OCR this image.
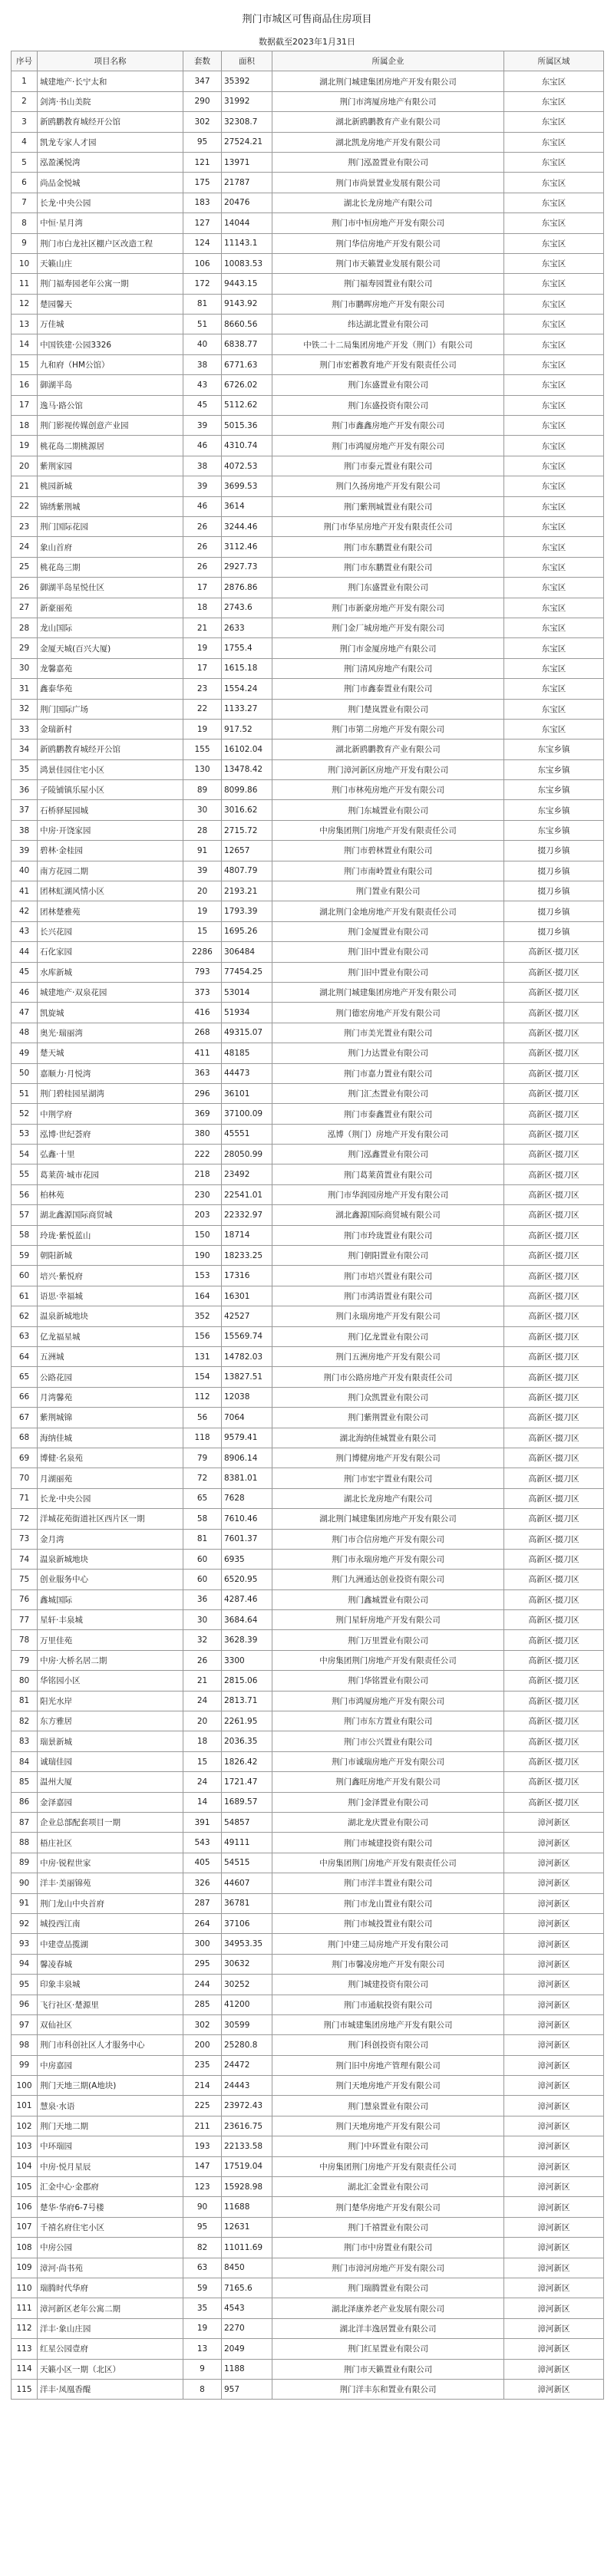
荆门市城区可售商品住房项目
数据截至2023年1月31日
序号	项目名称	套数	面积	所属企业	所属区域
1	城建地产·长宁太和	347	35392	湖北荆门城建集团房地产开发有限公司	东宝区
2	剑湾·书山美院	290	31992	荆门市湾厦房地产有限公司	东宝区
3	新鸥鹏教育城经开公馆	302	32308.7	湖北新鸥鹏教育产业有限公司	东宝区
4	凯龙专家人才园	95	27524.21	湖北凯龙房地产开发有限公司	东宝区
5	泓盈溪悦湾	121	13971	荆门泓盈置业有限公司	东宝区
6	尚品金悦城	175	21787	荆门市尚景置业发展有限公司	东宝区
7	长龙·中央公园	183	20476	湖北长龙房地产有限公司	东宝区
8	中恒·星月湾	127	14044	荆门市中恒房地产开发有限公司	东宝区
9	荆门市白龙社区棚户区改造工程	124	11143.1	荆门华信房地产开发有限公司	东宝区
10	天籁山庄	106	10083.53	荆门市天籁置业发展有限公司	东宝区
11	荆门福寿园老年公寓一期	172	9443.15	荆门福寿园置业有限公司	东宝区
12	楚园馨天	81	9143.92	荆门市鹏晖房地产开发有限公司	东宝区
13	万佳城	51	8660.56	纬达湖北置业有限公司	东宝区
14	中国铁建·公园3326	40	6838.77	中铁二十二局集团房地产开发（荆门）有限公司	东宝区
15	九和府（HM公馆）	38	6771.63	荆门市宏蓄教育地产开发有限责任公司	东宝区
16	御湖半岛	43	6726.02	荆门东盛置业有限公司	东宝区
17	逸马·路公馆	45	5112.62	荆门东盛投资有限公司	东宝区
18	荆门影视传媒创意产业园	39	5015.36	荆门市鑫鑫房地产开发有限公司	东宝区
19	桃花岛二期桃源居	46	4310.74	荆门市鸿厦房地产开发有限公司	东宝区
20	紫荆家园	38	4072.53	荆门市泰元置业有限公司	东宝区
21	桃园新城	39	3699.53	荆门久扬房地产开发有限公司	东宝区
22	锦绣紫荆城	46	3614	荆门紫荆城置业有限公司	东宝区
23	荆门国际花园	26	3244.46	荆门市华星房地产开发有限责任公司	东宝区
24	象山首府	26	3112.46	荆门市东鹏置业有限公司	东宝区
25	桃花岛三期	26	2927.73	荆门市东鹏置业有限公司	东宝区
26	御湖半岛星悦仕区	17	2876.86	荆门东盛置业有限公司	东宝区
27	新豪丽苑	18	2743.6	荆门市新豪房地产开发有限公司	东宝区
28	龙山国际	21	2633	荆门金厂城房地产开发有限公司	东宝区
29	金厦天城(百兴大厦)	19	1755.4	荆门市金厦房地产有限公司	东宝区
30	龙馨嘉苑	17	1615.18	荆门清风房地产有限公司	东宝区
31	鑫泰华苑	23	1554.24	荆门市鑫泰置业有限公司	东宝区
32	荆门国际广场	22	1133.27	荆门楚岚置业有限公司	东宝区
33	金瑞新村	19	917.52	荆门市第二房地产开发有限公司	东宝区
34	新鸥鹏教育城经开公馆	155	16102.04	湖北新鸥鹏教育产业有限公司	东宝乡镇
35	鸿景佳园住宅小区	130	13478.42	荆门漳河新区房地产开发有限公司	东宝乡镇
36	子陵铺镇乐屋小区	89	8099.86	荆门市林苑房地产开发有限公司	东宝乡镇
37	石桥驿屋园城	30	3016.62	荆门东城置业有限公司	东宝乡镇
38	中房·开饶家园	28	2715.72	中房集团荆门房地产开发有限责任公司	东宝乡镇
39	碧林·金桂园	91	12657	荆门市碧林置业有限公司	掇刀乡镇
40	南方花园二期	39	4807.79	荆门市南岭置业有限公司	掇刀乡镇
41	团林虹湖风情小区	20	2193.21	荆门置业有限公司	掇刀乡镇
42	团林楚雅苑	19	1793.39	湖北荆门金地房地产开发有限责任公司	掇刀乡镇
43	长兴花园	15	1695.26	荆门金厦置业有限公司	掇刀乡镇
44	石化家园	2286	306484	荆门旧中置业有限公司	高新区·掇刀区
45	水库新城	793	77454.25	荆门旧中置业有限公司	高新区·掇刀区
46	城建地产·双泉花园	373	53014	湖北荆门城建集团房地产开发有限公司	高新区·掇刀区
47	凯旋城	416	51934	荆门德宏房地产开发有限公司	高新区·掇刀区
48	奥光·瑞丽湾	268	49315.07	荆门市美光置业有限公司	高新区·掇刀区
49	楚天城	411	48185	荆门力达置业有限公司	高新区·掇刀区
50	嘉顺力·月悦湾	363	44473	荆门市嘉力置业有限公司	高新区·掇刀区
51	荆门碧桂园星湖湾	296	36101	荆门汇杰置业有限公司	高新区·掇刀区
52	中荆学府	369	37100.09	荆门市泰鑫置业有限公司	高新区·掇刀区
53	泓博·世纪荟府	380	45551	泓博（荆门）房地产开发有限公司	高新区·掇刀区
54	弘鑫·十里	222	28050.99	荆门泓鑫置业有限公司	高新区·掇刀区
55	葛莱茵·城市花园	218	23492	荆门葛莱茵置业有限公司	高新区·掇刀区
56	柏林苑	230	22541.01	荆门市华润园房地产开发有限公司	高新区·掇刀区
57	湖北鑫源国际商贸城	203	22332.97	湖北鑫源国际商贸城有限公司	高新区·掇刀区
58	玲珑·紫悦蓝山	150	18714	荆门市玲珑置业有限公司	高新区·掇刀区
59	朝阳新城	190	18233.25	荆门朝阳置业有限公司	高新区·掇刀区
60	培兴·紫悦府	153	17316	荆门市培兴置业有限公司	高新区·掇刀区
61	语思·幸福城	164	16301	荆门市鸿语置业有限公司	高新区·掇刀区
62	温泉新城地块	352	42527	荆门永瑞房地产开发有限公司	高新区·掇刀区
63	亿龙福星城	156	15569.74	荆门亿龙置业有限公司	高新区·掇刀区
64	五洲城	131	14782.03	荆门五洲房地产开发有限公司	高新区·掇刀区
65	公路花园	154	13827.51	荆门市公路房地产开发有限责任公司	高新区·掇刀区
66	月湾馨苑	112	12038	荆门众凯置业有限公司	高新区·掇刀区
67	紫荆城锦	56	7064	荆门紫荆置业有限公司	高新区·掇刀区
68	海纳佳城	118	9579.41	湖北海纳佳城置业有限公司	高新区·掇刀区
69	博健·名泉苑	79	8906.14	荆门博健房地产开发有限公司	高新区·掇刀区
70	月湖丽苑	72	8381.01	荆门市宏宇置业有限公司	高新区·掇刀区
71	长龙·中央公园	65	7628	湖北长龙房地产有限公司	高新区·掇刀区
72	洋城花苑街道社区西片区一期	58	7610.46	湖北荆门城建集团房地产开发有限公司	高新区·掇刀区
73	金月湾	81	7601.37	荆门市合信房地产开发有限公司	高新区·掇刀区
74	温泉新城地块	60	6935	荆门市永瑞房地产开发有限公司	高新区·掇刀区
75	创业服务中心	60	6520.95	荆门九洲通达创业投资有限公司	高新区·掇刀区
76	鑫城国际	36	4287.46	荆门鑫城置业有限公司	高新区·掇刀区
77	星轩·丰泉城	30	3684.64	荆门星轩房地产开发有限公司	高新区·掇刀区
78	万里佳苑	32	3628.39	荆门万里置业有限公司	高新区·掇刀区
79	中房·大桥名居二期	26	3300	中房集团荆门房地产开发有限责任公司	高新区·掇刀区
80	华铭园小区	21	2815.06	荆门华铭置业有限公司	高新区·掇刀区
81	阳光水岸	24	2813.71	荆门市鸿厦房地产开发有限公司	高新区·掇刀区
82	东方雅居	20	2261.95	荆门市东方置业有限公司	高新区·掇刀区
83	瑞景新城	18	2036.35	荆门市公兴置业有限公司	高新区·掇刀区
84	诚瑞佳园	15	1826.42	荆门市诚瑞房地产开发有限公司	高新区·掇刀区
85	温州大厦	24	1721.47	荆门鑫旺房地产开发有限公司	高新区·掇刀区
86	金泽嘉园	14	1689.57	荆门金泽置业有限公司	高新区·掇刀区
87	企业总部配套项目一期	391	54857	湖北龙庆置业有限公司	漳河新区
88	梧庄社区	543	49111	荆门市城建投资有限公司	漳河新区
89	中房·锐程世家	405	54515	中房集团荆门房地产开发有限责任公司	漳河新区
90	洋丰·美丽锦苑	326	44607	荆门市洋丰置业有限公司	漳河新区
91	荆门龙山中央首府	287	36781	荆门市龙山置业有限公司	漳河新区
92	城投西江南	264	37106	荆门市城投置业有限公司	漳河新区
93	中建壹品揽湖	300	34953.35	荆门中建三局房地产开发有限公司	漳河新区
94	馨凌春城	295	30632	荆门市馨凌房地产开发有限公司	漳河新区
95	印象丰泉城	244	30252	荆门城建投资有限公司	漳河新区
96	飞行社区·楚源里	285	41200	荆门市通航投资有限公司	漳河新区
97	双仙社区	302	30599	荆门市城建集团房地产开发有限公司	漳河新区
98	荆门市科创社区人才服务中心	200	25280.8	荆门科创投资有限公司	漳河新区
99	中房嘉园	235	24472	荆门旧中房地产管理有限公司	漳河新区
100	荆门天地三期(A地块)	214	24443	荆门天地房地产开发有限公司	漳河新区
101	慧泉·水语	225	23972.43	荆门慧泉置业有限公司	漳河新区
102	荆门天地二期	211	23616.75	荆门天地房地产开发有限公司	漳河新区
103	中环瑞园	193	22133.58	荆门中环置业有限公司	漳河新区
104	中房·悦月星辰	147	17519.04	中房集团荆门房地产开发有限责任公司	漳河新区
105	汇金中心·金郡府	123	15928.98	湖北汇金置业有限公司	漳河新区
106	楚华·华府6-7号楼	90	11688	荆门楚华房地产开发有限公司	漳河新区
107	千禧名府住宅小区	95	12631	荆门千禧置业有限公司	漳河新区
108	中房公园	82	11011.69	荆门市中房置业有限公司	漳河新区
109	漳河·尚书苑	63	8450	荆门市漳河房地产开发有限公司	漳河新区
110	瑞腾时代华府	59	7165.6	荆门瑞腾置业有限公司	漳河新区
111	漳河新区老年公寓二期	35	4543	湖北泽康养老产业发展有限公司	漳河新区
112	洋丰·象山庄园	19	2270	湖北洋丰逸居置业有限公司	漳河新区
113	红星公园壹府	13	2049	荆门红星置业有限公司	漳河新区
114	天籁小区一期（北区）	9	1188	荆门市天籁置业有限公司	漳河新区
115	洋丰·凤凰香醍	8	957	荆门洋丰东和置业有限公司	漳河新区
